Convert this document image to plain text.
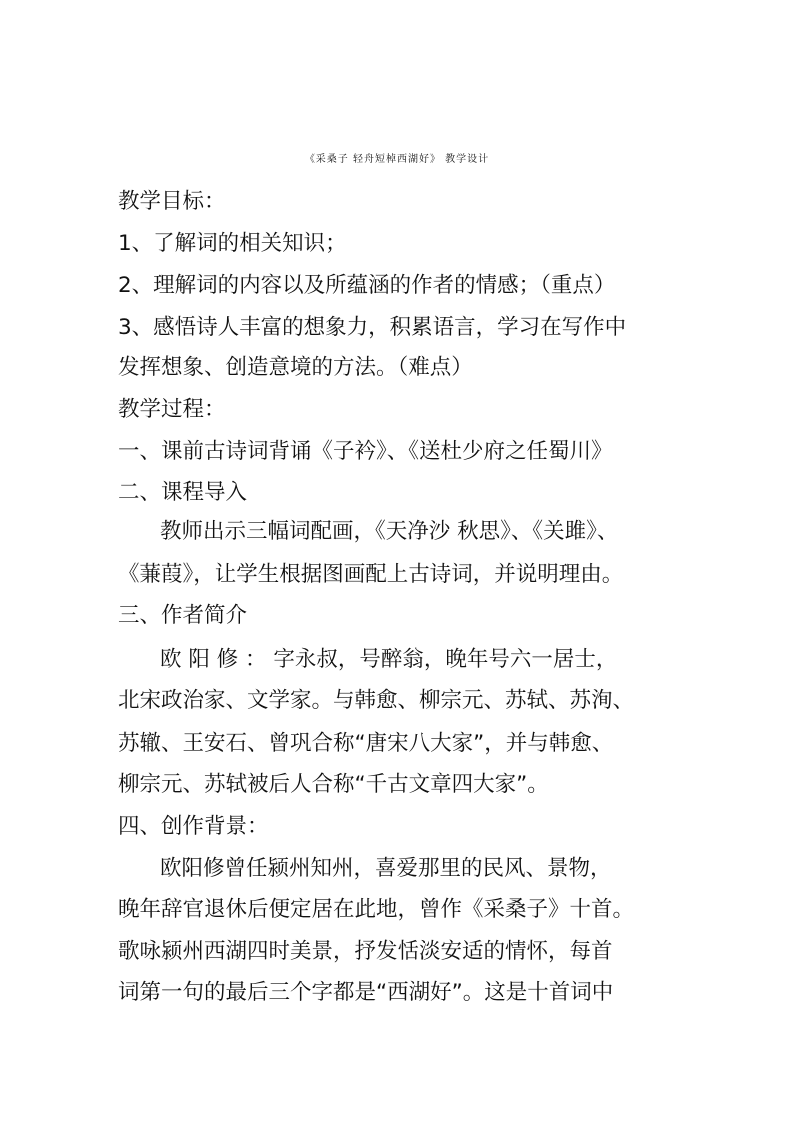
《采桑子 轻舟短棹西湖好》 教学设计
教学目标：
1、了解词的相关知识；
2、理解词的内容以及所蕴涵的作者的情感；（重点）
3、感悟诗人丰富的想象力，积累语言，学习在写作中
发挥想象、创造意境的方法。（难点）
教学过程：
一、课前古诗词背诵《子衿》、《送杜少府之任蜀川》
二、课程导入
教师出示三幅词配画，《天净沙 秋思》、《关雎》、
《蒹葭》，让学生根据图画配上古诗词，并说明理由。
三、作者简介
欧 阳 修 ： 字永叔，号醉翁，晚年号六一居士，
北宋政治家、文学家。与韩愈、柳宗元、苏轼、苏洵、
苏辙、王安石、曾巩合称“唐宋八大家”，并与韩愈、
柳宗元、苏轼被后人合称“千古文章四大家”。
四、创作背景：
欧阳修曾任颍州知州，喜爱那里的民风、景物，
晚年辞官退休后便定居在此地，曾作《采桑子》十首。
歌咏颍州西湖四时美景，抒发恬淡安适的情怀，每首
词第一句的最后三个字都是“西湖好”。这是十首词中
